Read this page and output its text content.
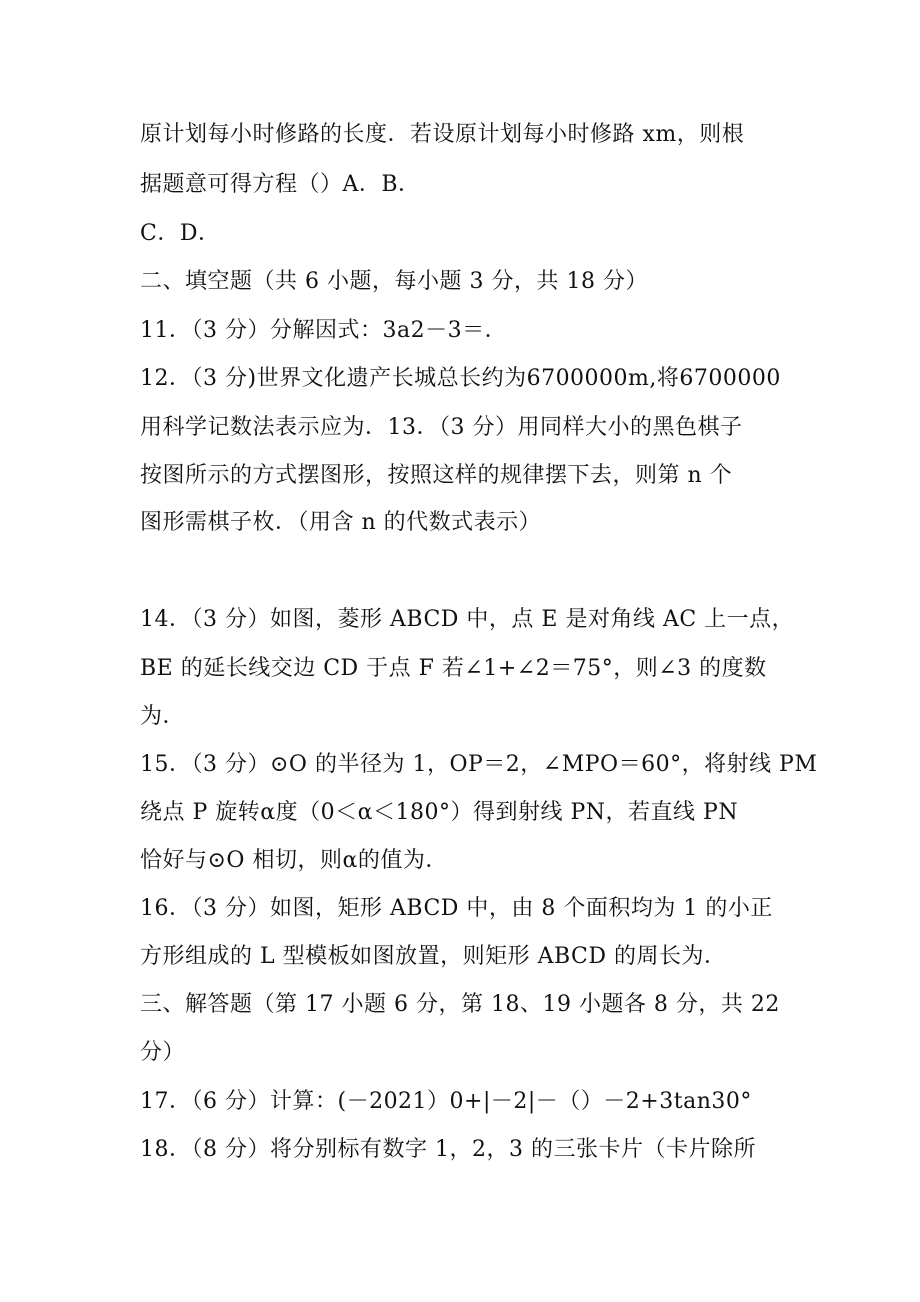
原计划每小时修路的长度．若设原计划每小时修路 xm，则根
据题意可得方程（）A．B．
C．D．
二、填空题（共 6 小题，每小题 3 分，共 18 分）
11．（3 分）分解因式：3a2－3＝．
12．（3 分)世界文化遗产长城总长约为6700000m,将6700000
用科学记数法表示应为．13．（3 分）用同样大小的黑色棋子
按图所示的方式摆图形，按照这样的规律摆下去，则第 n 个
图形需棋子枚．（用含 n 的代数式表示）
14．（3 分）如图，菱形 ABCD 中，点 E 是对角线 AC 上一点，
BE 的延长线交边 CD 于点 F 若∠1+∠2＝75°，则∠3 的度数
为．
15．（3 分）⊙O 的半径为 1，OP＝2，∠MPO＝60°，将射线 PM
绕点 P 旋转α度（0＜α＜180°）得到射线 PN，若直线 PN
恰好与⊙O 相切，则α的值为．
16．（3 分）如图，矩形 ABCD 中，由 8 个面积均为 1 的小正
方形组成的 L 型模板如图放置，则矩形 ABCD 的周长为．
三、解答题（第 17 小题 6 分，第 18、19 小题各 8 分，共 22
分）
17．（6 分）计算：(－2021）0+|－2|－（）－2+3tan30°
18．（8 分）将分别标有数字 1，2，3 的三张卡片（卡片除所
